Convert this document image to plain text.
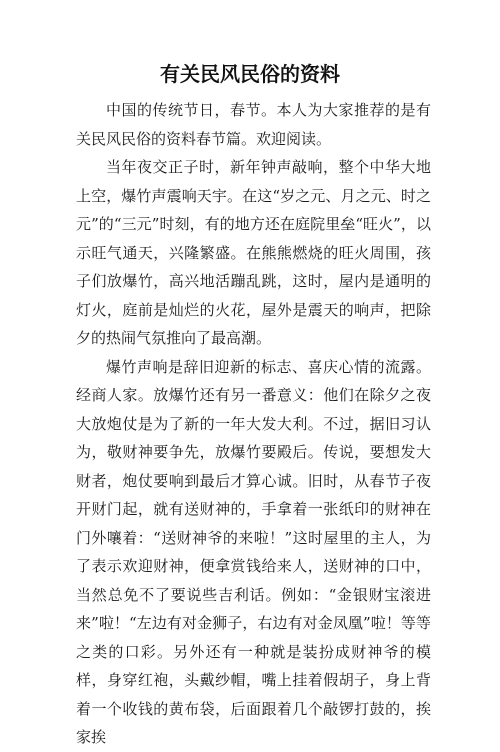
有关民风民俗的资料

中国的传统节日，春节。本人为大家推荐的是有关民风民俗的资料春节篇。欢迎阅读。

当年夜交正子时，新年钟声敲响，整个中华大地上空，爆竹声震响天宇。在这“岁之元、月之元、时之元”的“三元”时刻，有的地方还在庭院里垒“旺火”，以示旺气通天，兴隆繁盛。在熊熊燃烧的旺火周围，孩子们放爆竹，高兴地活蹦乱跳，这时，屋内是通明的灯火，庭前是灿烂的火花，屋外是震天的响声，把除夕的热闹气氛推向了最高潮。

爆竹声响是辞旧迎新的标志、喜庆心情的流露。经商人家。放爆竹还有另一番意义：他们在除夕之夜大放炮仗是为了新的一年大发大利。不过，据旧习认为，敬财神要争先，放爆竹要殿后。传说，要想发大财者，炮仗要响到最后才算心诚。旧时，从春节子夜开财门起，就有送财神的，手拿着一张纸印的财神在门外嚷着：“送财神爷的来啦！”这时屋里的主人，为了表示欢迎财神，便拿赏钱给来人，送财神的口中，当然总免不了要说些吉利话。例如：“金银财宝滚进来”啦！“左边有对金狮子，右边有对金凤凰”啦！等等之类的口彩。另外还有一种就是装扮成财神爷的模样，身穿红袍，头戴纱帽，嘴上挂着假胡子，身上背着一个收钱的黄布袋，后面跟着几个敲锣打鼓的，挨家挨
